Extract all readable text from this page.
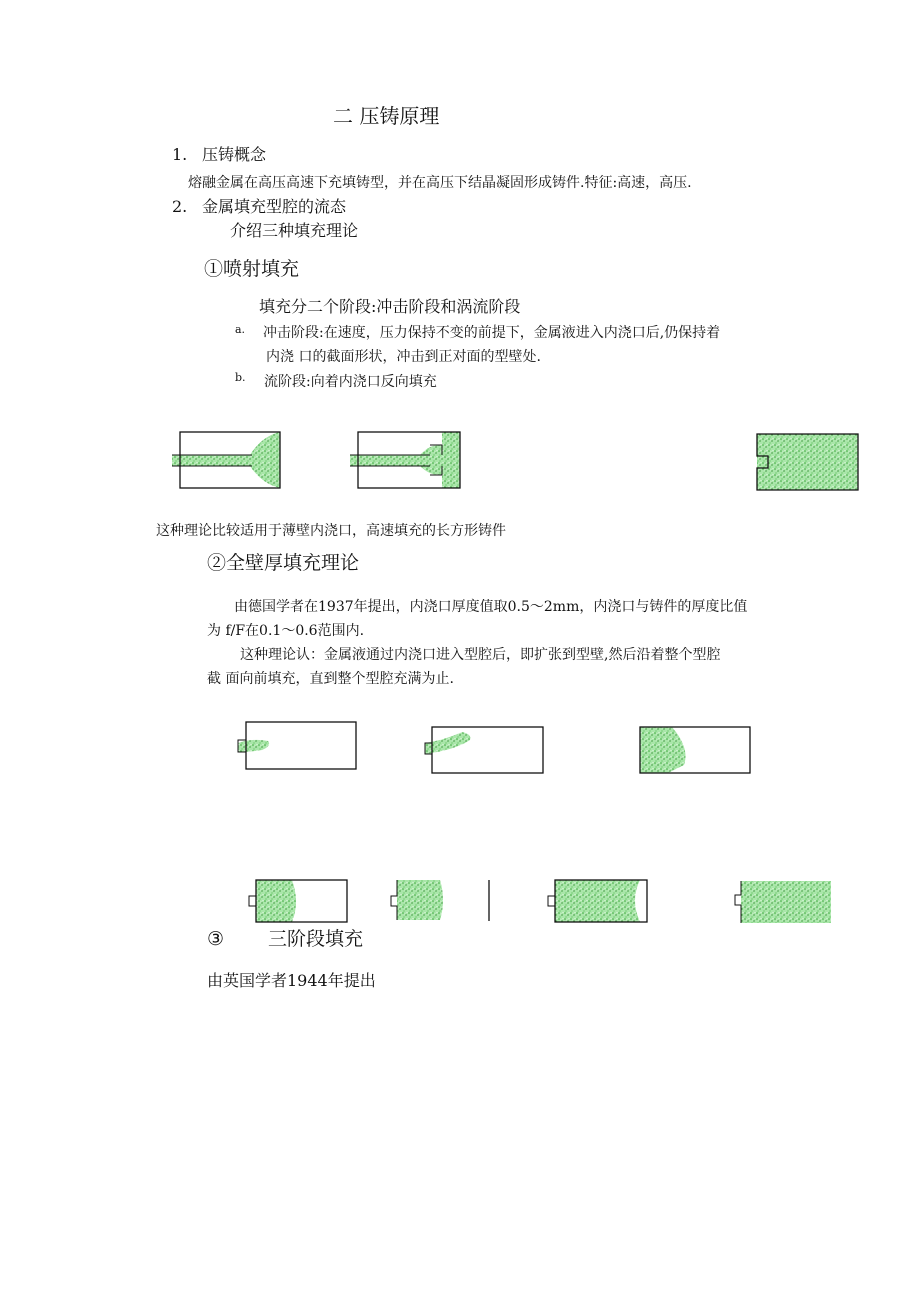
二 压铸原理
1. 压铸概念
熔融金属在高压高速下充填铸型，并在高压下结晶凝固形成铸件.特征:高速，高压.
2. 金属填充型腔的流态
介绍三种填充理论
①喷射填充
填充分二个阶段:冲击阶段和涡流阶段
a. 冲击阶段:在速度，压力保持不变的前提下，金属液进入内浇口后,仍保持着
内浇 口的截面形状，冲击到正对面的型壁处.
b. 流阶段:向着内浇口反向填充
这种理论比较适用于薄壁内浇口，高速填充的长方形铸件
②全壁厚填充理论
由德国学者在1937年提出，内浇口厚度值取0.5〜2mm，内浇口与铸件的厚度比值
为 f/F在0.1〜0.6范围内.
这种理论认：金属液通过内浇口进入型腔后，即扩张到型壁,然后沿着整个型腔
截 面向前填充，直到整个型腔充满为止.
③ 三阶段填充
由英国学者1944年提出
